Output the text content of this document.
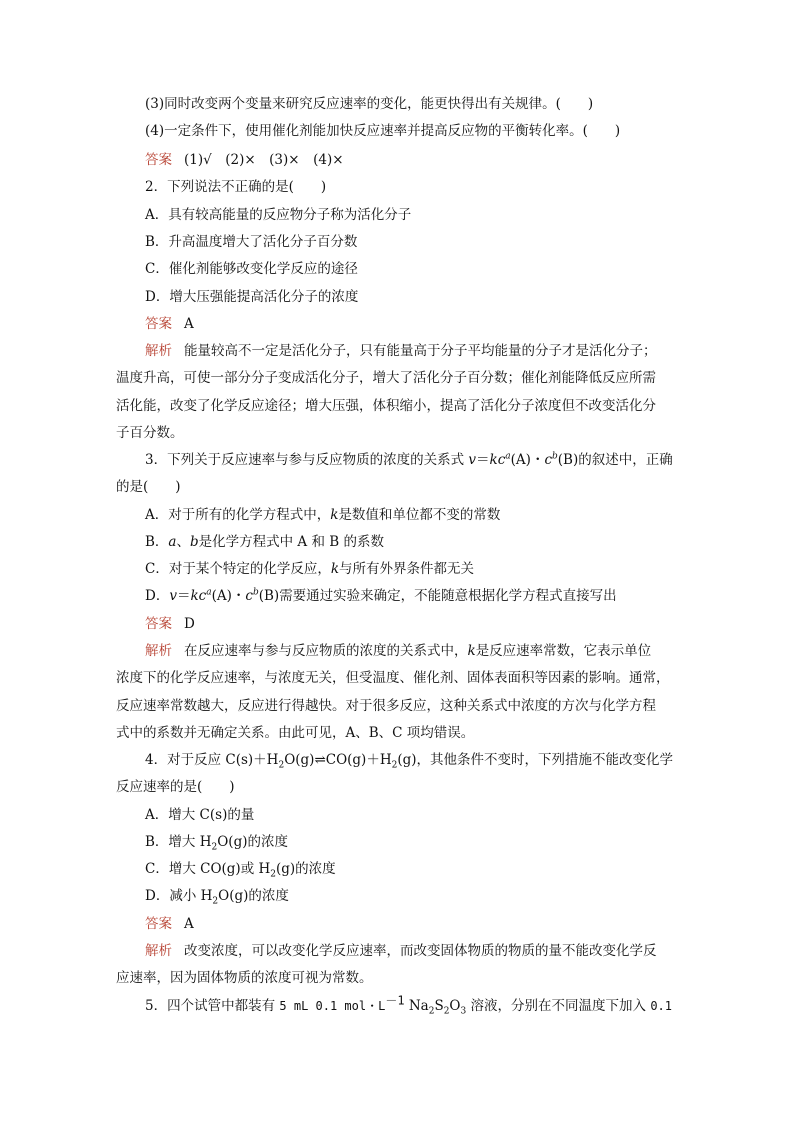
(3)同时改变两个变量来研究反应速率的变化，能更快得出有关规律。(　　)
(4)一定条件下，使用催化剂能加快反应速率并提高反应物的平衡转化率。(　　)
答案 (1)√　(2)×　(3)×　(4)×
2．下列说法不正确的是(　　)
A．具有较高能量的反应物分子称为活化分子
B．升高温度增大了活化分子百分数
C．催化剂能够改变化学反应的途径
D．增大压强能提高活化分子的浓度
答案 A
解析 能量较高不一定是活化分子，只有能量高于分子平均能量的分子才是活化分子；
温度升高，可使一部分分子变成活化分子，增大了活化分子百分数；催化剂能降低反应所需
活化能，改变了化学反应途径；增大压强，体积缩小，提高了活化分子浓度但不改变活化分
子百分数。
3．下列关于反应速率与参与反应物质的浓度的关系式 $v=kc^a(A)$・$c^b(B)$的叙述中，正确
的是(　　)
A．对于所有的化学方程式中，k是数值和单位都不变的常数
B．a、b是化学方程式中 A 和 B 的系数
C．对于某个特定的化学反应，k与所有外界条件都无关
D．$v=kc^a(A)$・$c^b(B)$需要通过实验来确定，不能随意根据化学方程式直接写出
答案 D
解析 在反应速率与参与反应物质的浓度的关系式中，k是反应速率常数，它表示单位
浓度下的化学反应速率，与浓度无关，但受温度、催化剂、固体表面积等因素的影响。通常，
反应速率常数越大，反应进行得越快。对于很多反应，这种关系式中浓度的方次与化学方程
式中的系数并无确定关系。由此可见，A、B、C 项均错误。
4．对于反应 $C(s)+H_2O(g)\rightleftharpoons CO(g)+H_2(g)$，其他条件不变时，下列措施不能改变化学
反应速率的是(　　)
A．增大 C(s)的量
B．增大 $H_2O(g)$的浓度
C．增大 CO(g)或 $H_2(g)$的浓度
D．减小 $H_2O(g)$的浓度
答案 A
解析 改变浓度，可以改变化学反应速率，而改变固体物质的物质的量不能改变化学反
应速率，因为固体物质的浓度可视为常数。
5．四个试管中都装有 5 mL 0.1 mol・$L^{-1}$ $Na_2S_2O_3$ 溶液，分别在不同温度下加入 0.1
